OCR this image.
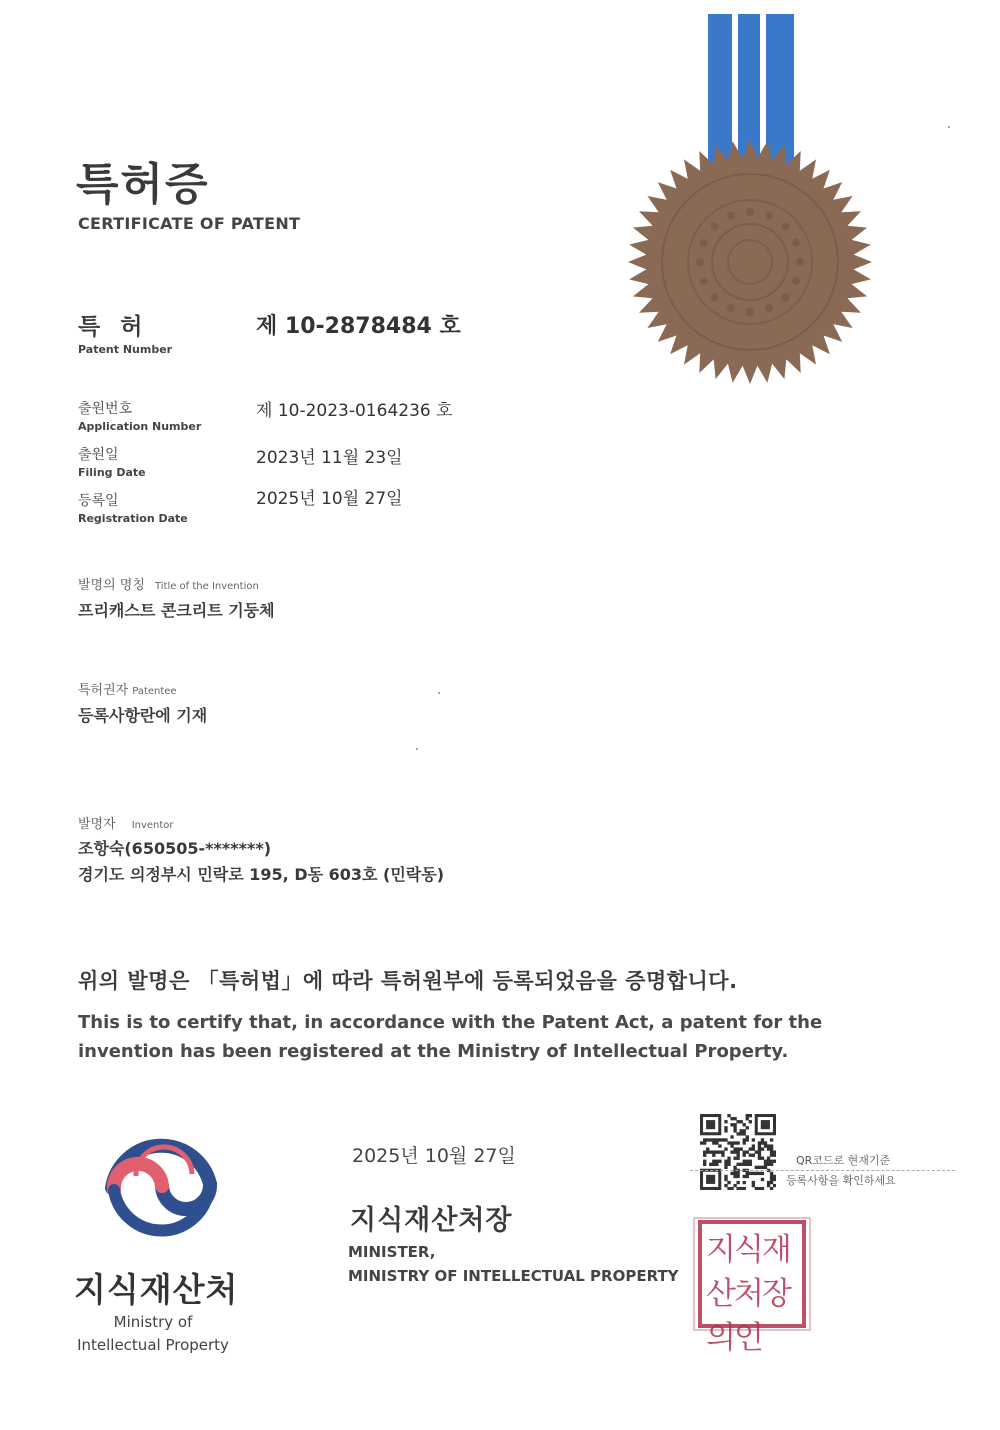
특허증
CERTIFICATE OF PATENT
특 허
Patent Number
제 10-2878484 호
출원번호
Application Number
제 10-2023-0164236 호
출원일
Filing Date
2023년 11월 23일
등록일
Registration Date
2025년 10월 27일
발명의 명칭 Title of the Invention
프리캐스트 콘크리트 기둥체
특허권자 Patentee
등록사항란에 기재
발명자 Inventor
조항숙(650505-*******)
경기도 의정부시 민락로 195, D동 603호 (민락동)
위의 발명은 「특허법」에 따라 특허원부에 등록되었음을 증명합니다.
This is to certify that, in accordance with the Patent Act, a patent for the
invention has been registered at the Ministry of Intellectual Property.
지식재산처
Ministry of
Intellectual Property
2025년 10월 27일
지식재산처장
MINISTER,
MINISTRY OF INTELLECTUAL PROPERTY
QR코드로 현재기준
등록사항을 확인하세요
지식재산처장의인
